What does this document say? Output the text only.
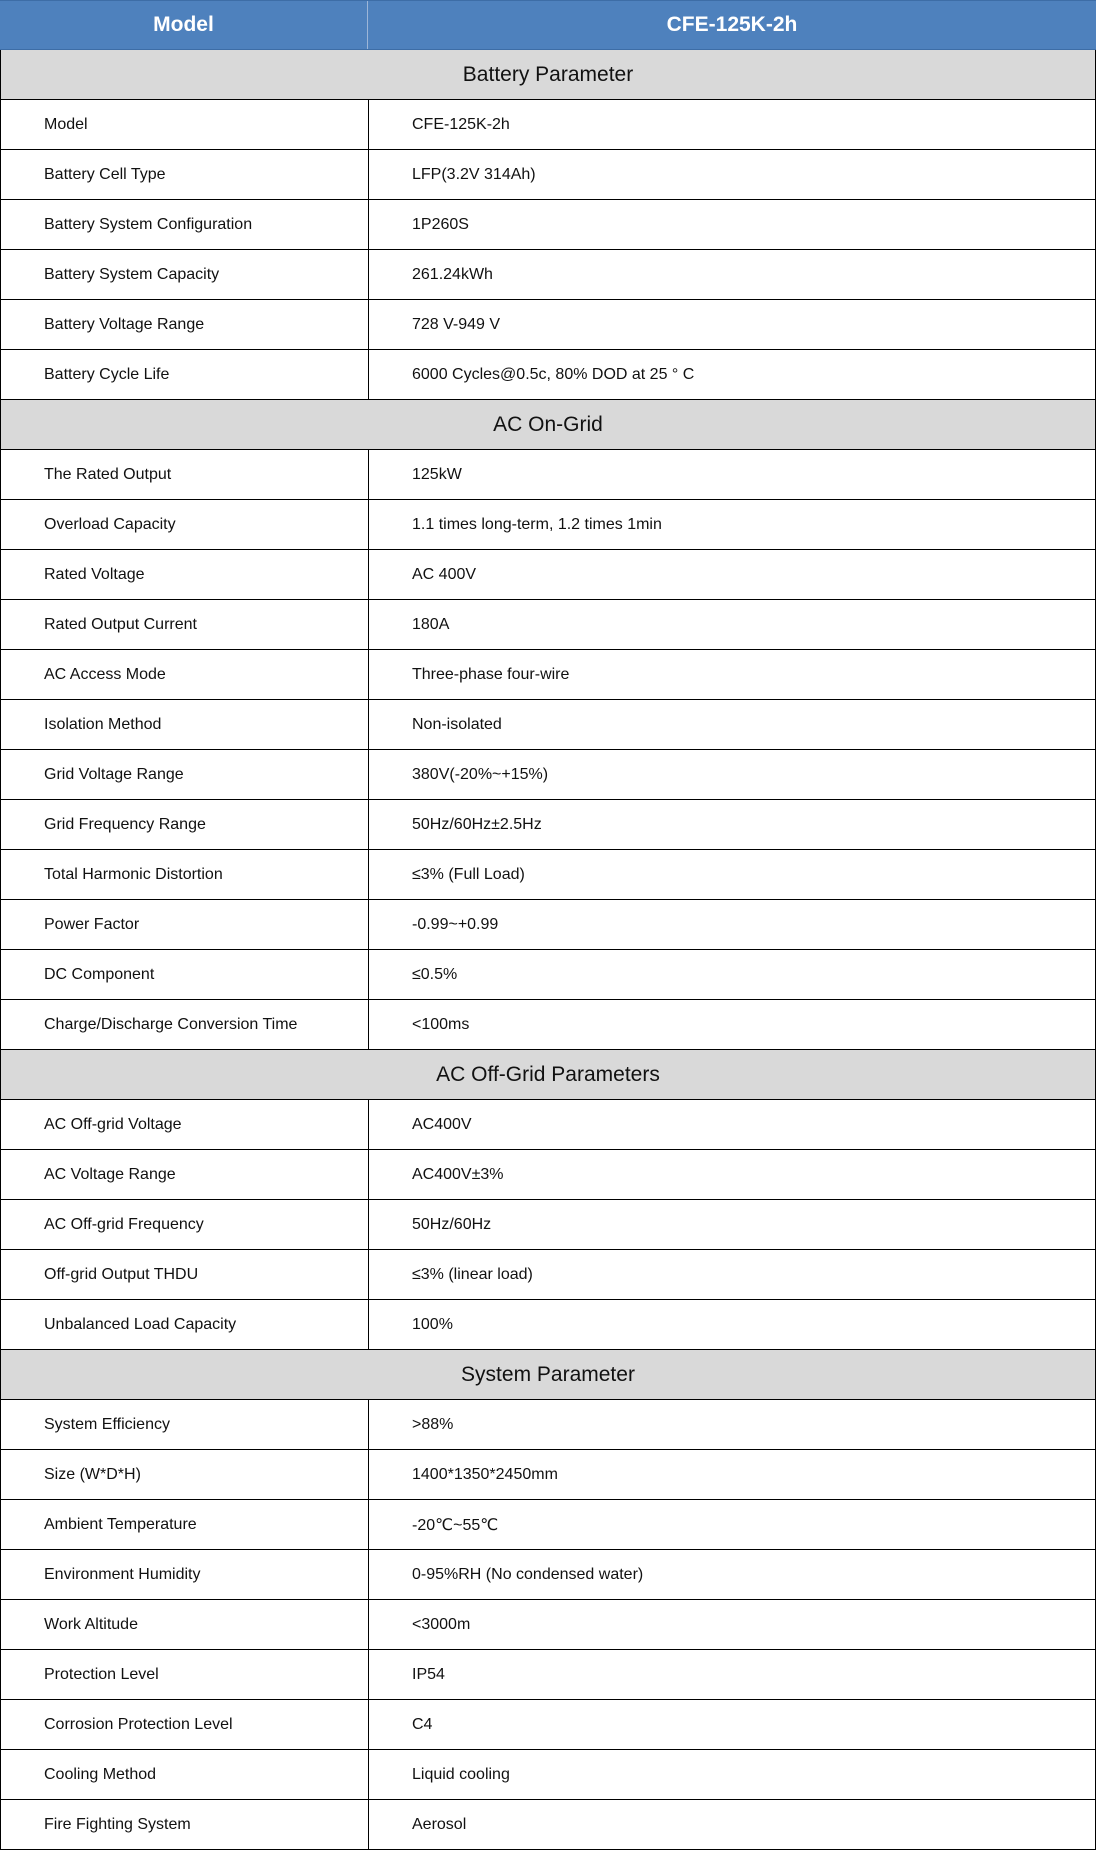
Model	CFE-125K-2h
Battery Parameter
Model	CFE-125K-2h
Battery Cell Type	LFP(3.2V 314Ah)
Battery System Configuration	1P260S
Battery System Capacity	261.24kWh
Battery Voltage Range	728 V-949 V
Battery Cycle Life	6000 Cycles@0.5c, 80% DOD at 25 ° C
AC On-Grid
The Rated Output	125kW
Overload Capacity	1.1 times long-term, 1.2 times 1min
Rated Voltage	AC 400V
Rated Output Current	180A
AC Access Mode	Three-phase four-wire
Isolation Method	Non-isolated
Grid Voltage Range	380V(-20%~+15%)
Grid Frequency Range	50Hz/60Hz±2.5Hz
Total Harmonic Distortion	≤3% (Full Load)
Power Factor	-0.99~+0.99
DC Component	≤0.5%
Charge/Discharge Conversion Time	<100ms
AC Off-Grid Parameters
AC Off-grid Voltage	AC400V
AC Voltage Range	AC400V±3%
AC Off-grid Frequency	50Hz/60Hz
Off-grid Output THDU	≤3% (linear load)
Unbalanced Load Capacity	100%
System Parameter
System Efficiency	>88%
Size (W*D*H)	1400*1350*2450mm
Ambient Temperature	-20℃~55℃
Environment Humidity	0-95%RH (No condensed water)
Work Altitude	<3000m
Protection Level	IP54
Corrosion Protection Level	C4
Cooling Method	Liquid cooling
Fire Fighting System	Aerosol
